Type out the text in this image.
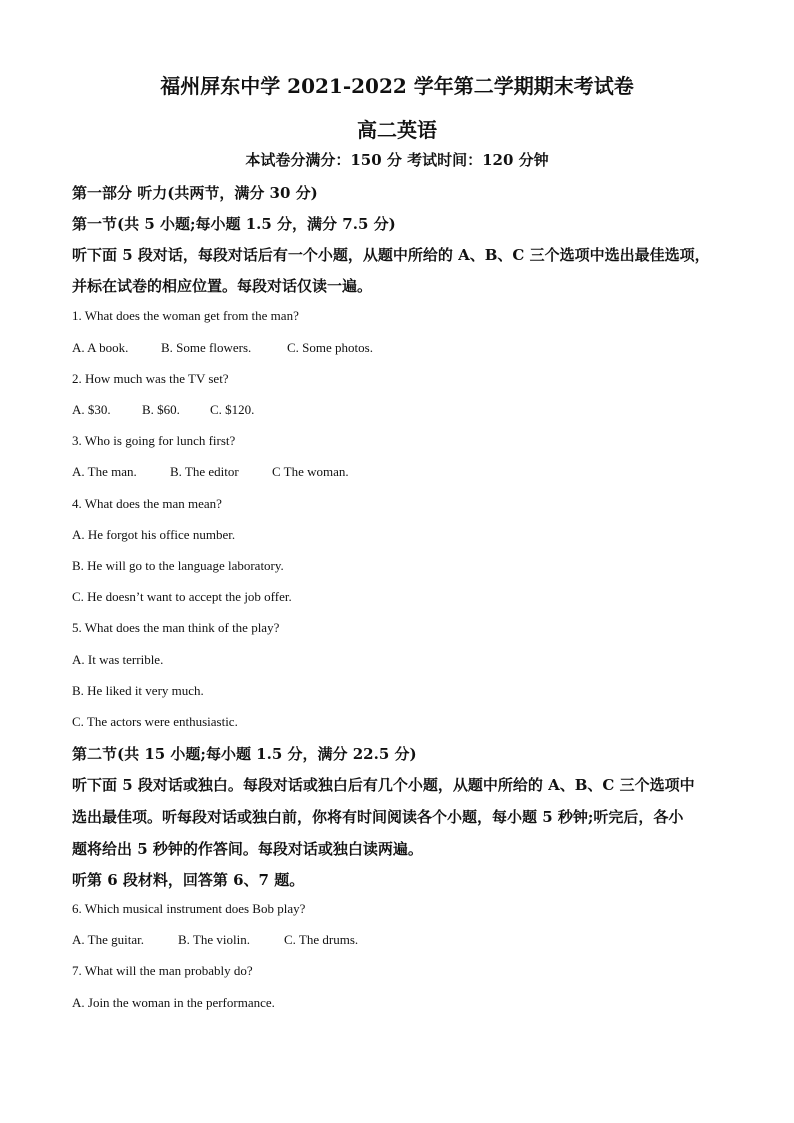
福州屏东中学 2021-2022 学年第二学期期末考试卷
高二英语
本试卷分满分：150 分 考试时间：120 分钟
第一部分 听力(共两节，满分 30 分)
第一节(共 5 小题;每小题 1.5 分，满分 7.5 分)
听下面 5 段对话，每段对话后有一个小题，从题中所给的 A、B、C 三个选项中选出最佳选项，
并标在试卷的相应位置。每段对话仅读一遍。
1. What does the woman get from the man?
A. A book.	B. Some flowers.	C. Some photos.
2. How much was the TV set?
A. $30. B. $60. C. $120.
3. Who is going for lunch first?
A. The man.	B. The editor	C The woman.
4. What does the man mean?
A. He forgot his office number.
B. He will go to the language laboratory.
C. He doesn’t want to accept the job offer.
5. What does the man think of the play?
A. It was terrible.
B. He liked it very much.
C. The actors were enthusiastic.
第二节(共 15 小题;每小题 1.5 分，满分 22.5 分)
听下面 5 段对话或独白。每段对话或独白后有几个小题，从题中所给的 A、B、C 三个选项中
选出最佳项。听每段对话或独白前，你将有时间阅读各个小题，每小题 5 秒钟;听完后，各小
题将给出 5 秒钟的作答间。每段对话或独白读两遍。
听第 6 段材料，回答第 6、7 题。
6. Which musical instrument does Bob play?
A. The guitar.	B. The violin.	C. The drums.
7. What will the man probably do?
A. Join the woman in the performance.
